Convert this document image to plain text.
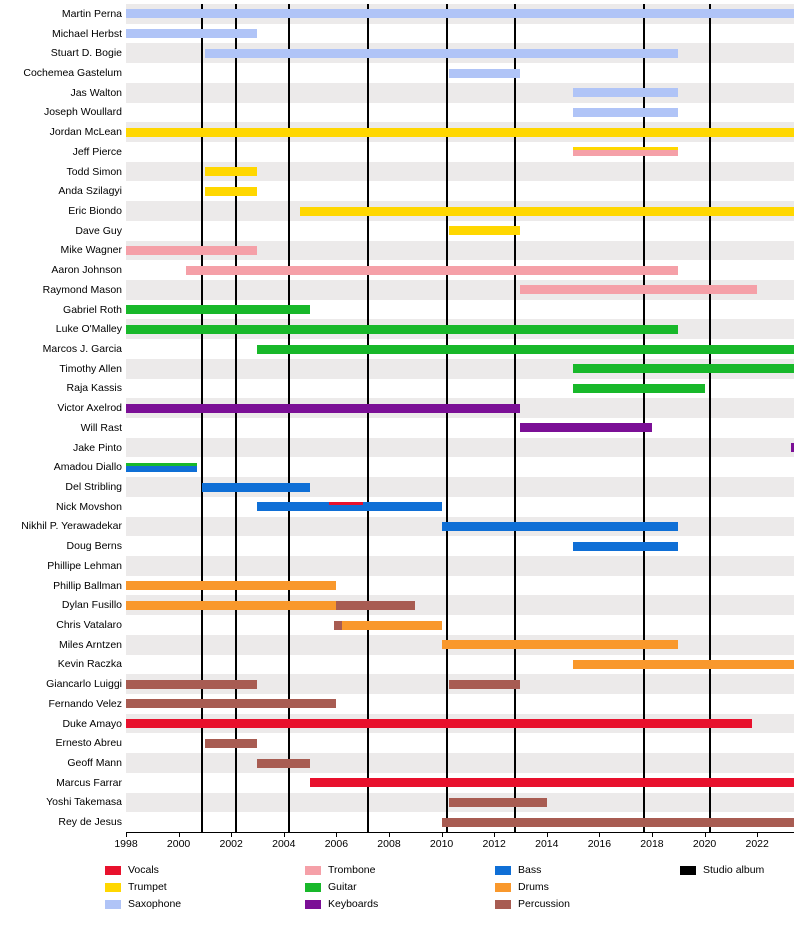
Martin Perna
Michael Herbst
Stuart D. Bogie
Cochemea Gastelum
Jas Walton
Joseph Woullard
Jordan McLean
Jeff Pierce
Todd Simon
Anda Szilagyi
Eric Biondo
Dave Guy
Mike Wagner
Aaron Johnson
Raymond Mason
Gabriel Roth
Luke O'Malley
Marcos J. Garcia
Timothy Allen
Raja Kassis
Victor Axelrod
Will Rast
Jake Pinto
Amadou Diallo
Del Stribling
Nick Movshon
Nikhil P. Yerawadekar
Doug Berns
Phillipe Lehman
Phillip Ballman
Dylan Fusillo
Chris Vatalaro
Miles Arntzen
Kevin Raczka
Giancarlo Luiggi
Fernando Velez
Duke Amayo
Ernesto Abreu
Geoff Mann
Marcus Farrar
Yoshi Takemasa
Rey de Jesus
1998	2000	2002	2004	2006	2008	2010	2012	2014	2016	2018	2020	2022
Vocals
Trumpet
Saxophone
Trombone
Guitar
Keyboards
Bass
Drums
Percussion
Studio album
